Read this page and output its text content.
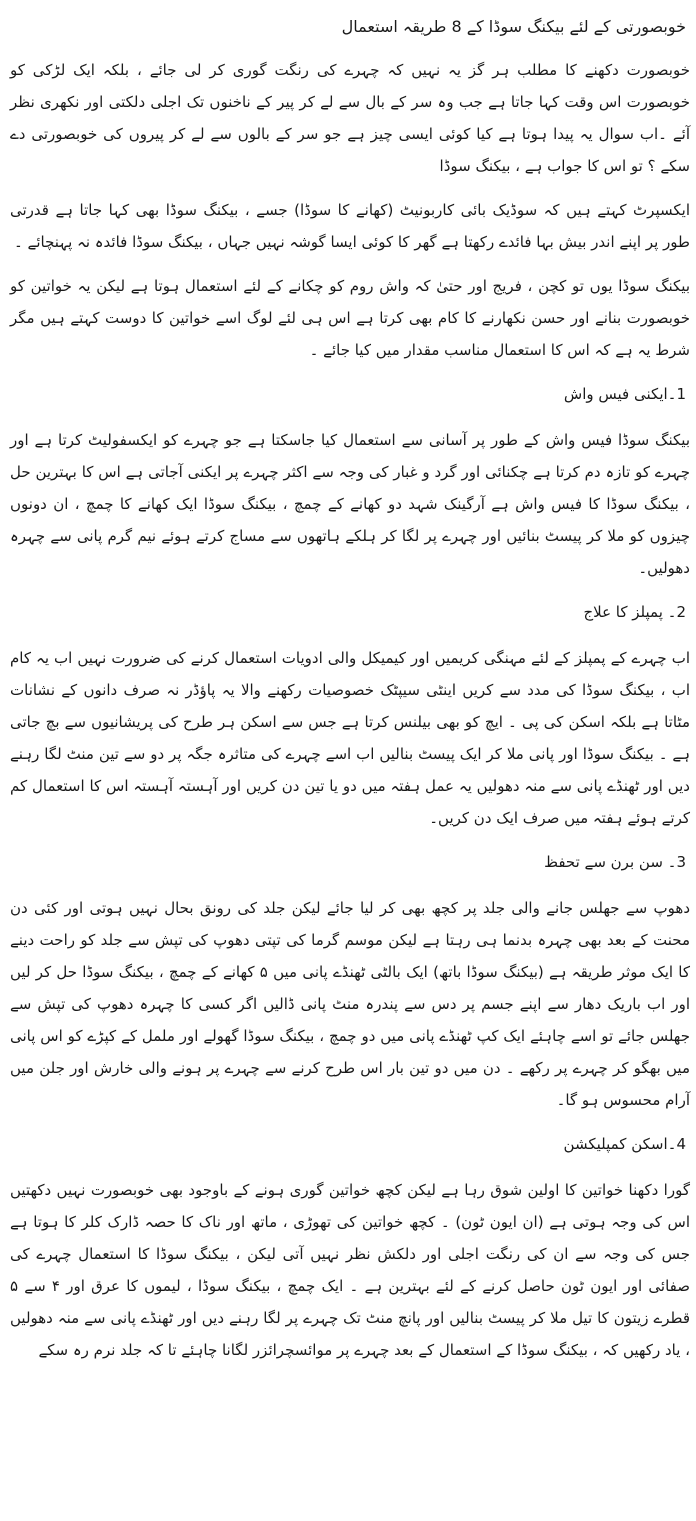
خوبصورتی کے لئے بیکنگ سوڈا کے 8 طریقہ استعمال

خوبصورت دکھنے کا مطلب ہر گز یہ نہیں کہ چہرے کی رنگت گوری کر لی جائے ، بلکہ ایک لڑکی کو خوبصورت اس وقت کہا جاتا ہے جب وہ سر کے بال سے لے کر پیر کے ناخنوں تک اجلی دلکتی اور نکھری نظر آئے ۔اب سوال یہ پیدا ہوتا ہے کیا کوئی ایسی چیز ہے جو سر کے بالوں سے لے کر پیروں کی خوبصورتی دے سکے ؟ تو اس کا جواب ہے ، بیکنگ سوڈا

ایکسپرٹ کہتے ہیں کہ سوڈیک بائی کاربونیٹ (کھانے کا سوڈا) جسے ، بیکنگ سوڈا بھی کہا جاتا ہے قدرتی طور پر اپنے اندر بیش بہا فائدے رکھتا ہے گھر کا کوئی ایسا گوشہ نہیں جہاں ، بیکنگ سوڈا فائدہ نہ پہنچائے ۔

بیکنگ سوڈا یوں تو کچن ، فریج اور حتیٰ کہ واش روم کو چکانے کے لئے استعمال ہوتا ہے لیکن یہ خواتین کو خوبصورت بنانے اور حسن نکھارنے کا کام بھی کرتا ہے اس ہی لئے لوگ اسے خواتین کا دوست کہتے ہیں مگر شرط یہ ہے کہ اس کا استعمال مناسب مقدار میں کیا جائے ۔

1۔ایکنی فیس واش

بیکنگ سوڈا فیس واش کے طور پر آسانی سے استعمال کیا جاسکتا ہے جو چہرے کو ایکسفولیٹ کرتا ہے اور چہرے کو تازہ دم کرتا ہے چکنائی اور گرد و غبار کی وجہ سے اکثر چہرے پر ایکنی آجاتی ہے اس کا بہترین حل ، بیکنگ سوڈا کا فیس واش ہے آرگینک شہد دو کھانے کے چمچ ، بیکنگ سوڈا ایک کھانے کا چمچ ، ان دونوں چیزوں کو ملا کر پیسٹ بنائیں اور چہرے پر لگا کر ہلکے ہاتھوں سے مساج کرتے ہوئے نیم گرم پانی سے چہرہ دھولیں۔

2۔ پمپلز کا علاج

اب چہرے کے پمپلز کے لئے مہنگی کریمیں اور کیمیکل والی ادویات استعمال کرنے کی ضرورت نہیں اب یہ کام اب ، بیکنگ سوڈا کی مدد سے کریں اینٹی سیپٹک خصوصیات رکھنے والا یہ پاؤڈر نہ صرف دانوں کے نشانات مٹاتا ہے بلکہ اسکن کی پی ۔ ایچ کو بھی بیلنس کرتا ہے جس سے اسکن ہر طرح کی پریشانیوں سے بچ جاتی ہے ۔ بیکنگ سوڈا اور پانی ملا کر ایک پیسٹ بنالیں اب اسے چہرے کی متاثرہ جگہ پر دو سے تین منٹ لگا رہنے دیں اور ٹھنڈے پانی سے منہ دھولیں یہ عمل ہفتہ میں دو یا تین دن کریں اور آہستہ آہستہ اس کا استعمال کم کرتے ہوئے ہفتہ میں صرف ایک دن کریں۔

3۔ سن برن سے تحفظ

دھوپ سے جھلس جانے والی جلد پر کچھ بھی کر لیا جائے لیکن جلد کی رونق بحال نہیں ہوتی اور کئی دن محنت کے بعد بھی چہرہ بدنما ہی رہتا ہے لیکن موسم گرما کی تپتی دھوپ کی تپش سے جلد کو راحت دینے کا ایک موثر طریقہ ہے (بیکنگ سوڈا باتھ) ایک بالٹی ٹھنڈے پانی میں ۵ کھانے کے چمچ ، بیکنگ سوڈا حل کر لیں اور اب باریک دھار سے اپنے جسم پر دس سے پندرہ منٹ پانی ڈالیں اگر کسی کا چہرہ دھوپ کی تپش سے جھلس جائے تو اسے چاہئے ایک کپ ٹھنڈے پانی میں دو چمچ ، بیکنگ سوڈا گھولے اور ململ کے کپڑے کو اس پانی میں بھگو کر چہرے پر رکھے ۔ دن میں دو تین بار اس طرح کرنے سے چہرے پر ہونے والی خارش اور جلن میں آرام محسوس ہو گا۔

4۔اسکن کمپلیکشن

گورا دکھنا خواتین کا اولین شوق رہا ہے لیکن کچھ خواتین گوری ہونے کے باوجود بھی خوبصورت نہیں دکھتیں اس کی وجہ ہوتی ہے (ان ایون ٹون) ۔ کچھ خواتین کی تھوڑی ، ماتھ اور ناک کا حصہ ڈارک کلر کا ہوتا ہے جس کی وجہ سے ان کی رنگت اجلی اور دلکش نظر نہیں آتی لیکن ، بیکنگ سوڈا کا استعمال چہرے کی صفائی اور ایون ٹون حاصل کرنے کے لئے بہترین ہے ۔ ایک چمچ ، بیکنگ سوڈا ، لیموں کا عرق اور ۴ سے ۵ قطرے زیتون کا تیل ملا کر پیسٹ بنالیں اور پانچ منٹ تک چہرے پر لگا رہنے دیں اور ٹھنڈے پانی سے منہ دھولیں ، یاد رکھیں کہ ، بیکنگ سوڈا کے استعمال کے بعد چہرے پر موائسچرائزر لگانا چاہئے تا کہ جلد نرم رہ سکے
